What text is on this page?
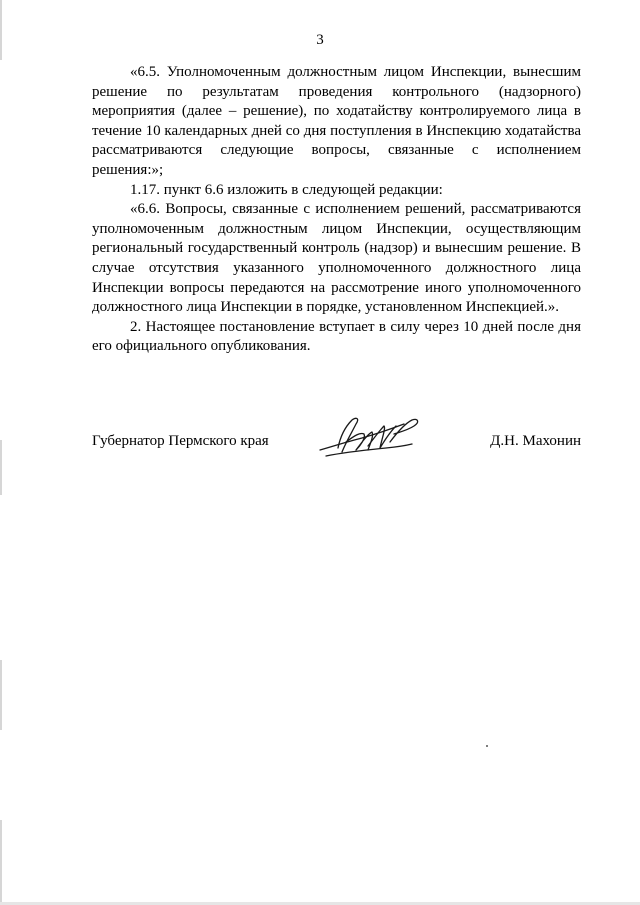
3

«6.5. Уполномоченным должностным лицом Инспекции, вынесшим решение по результатам проведения контрольного (надзорного) мероприятия (далее – решение), по ходатайству контролируемого лица в течение 10 календарных дней со дня поступления в Инспекцию ходатайства рассматриваются следующие вопросы, связанные с исполнением решения:»;

1.17. пункт 6.6 изложить в следующей редакции:

«6.6. Вопросы, связанные с исполнением решений, рассматриваются уполномоченным должностным лицом Инспекции, осуществляющим региональный государственный контроль (надзор) и вынесшим решение. В случае отсутствия указанного уполномоченного должностного лица Инспекции вопросы передаются на рассмотрение иного уполномоченного должностного лица Инспекции в порядке, установленном Инспекцией.».

2. Настоящее постановление вступает в силу через 10 дней после дня его официального опубликования.

Губернатор Пермского края	Д.Н. Махонин
